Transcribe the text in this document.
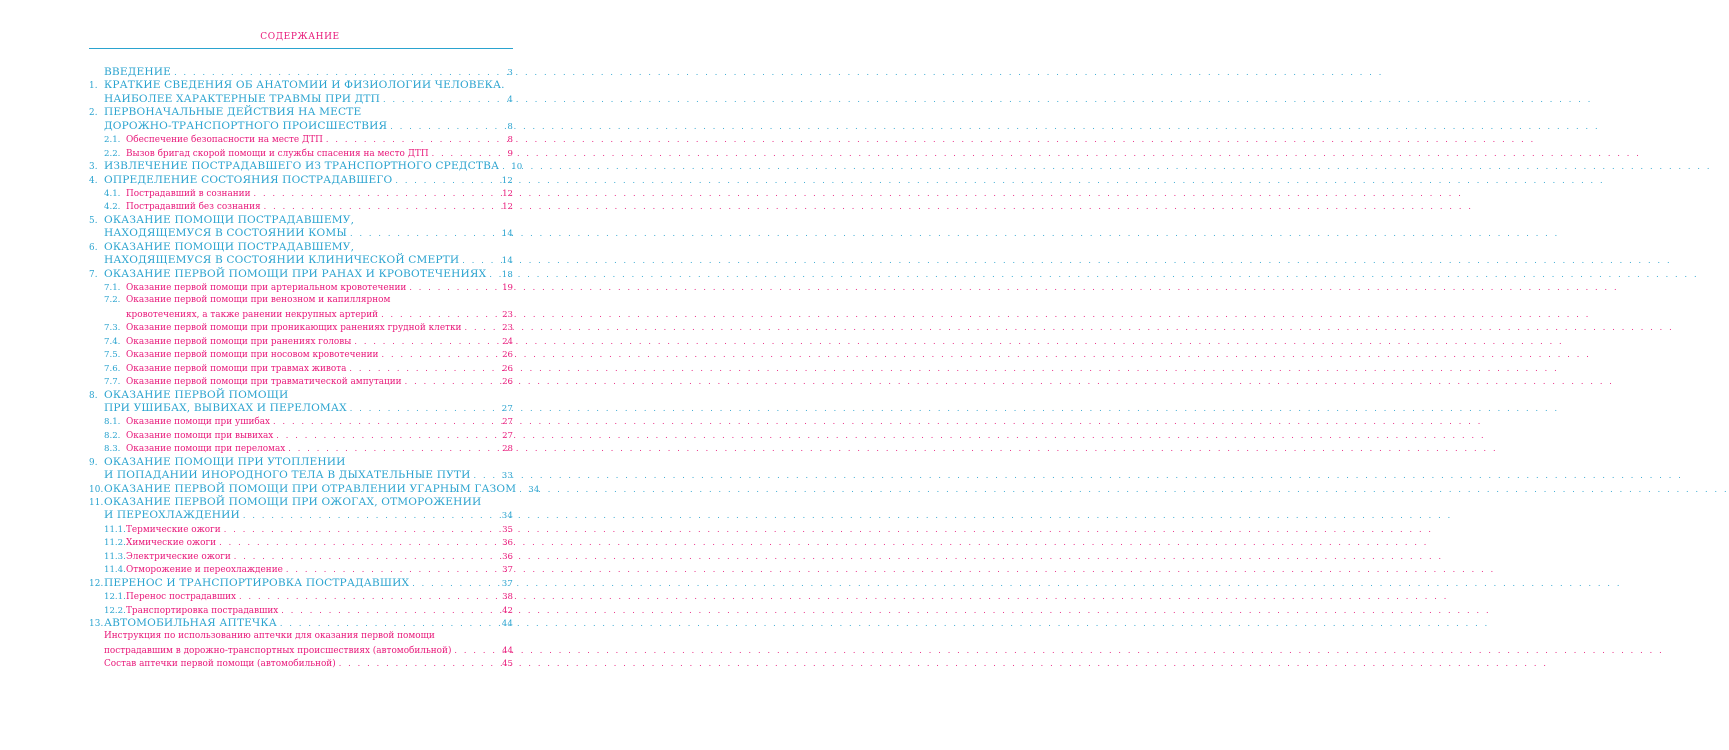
СОДЕРЖАНИЕ
ВВЕДЕНИЕ . . .	3
1. КРАТКИЕ СВЕДЕНИЯ ОБ АНАТОМИИ И ФИЗИОЛОГИИ ЧЕЛОВЕКА.
НАИБОЛЕЕ ХАРАКТЕРНЫЕ ТРАВМЫ ПРИ ДТП . . .	4
2. ПЕРВОНАЧАЛЬНЫЕ ДЕЙСТВИЯ НА МЕСТЕ
ДОРОЖНО-ТРАНСПОРТНОГО ПРОИСШЕСТВИЯ . . .	8
2.1. Обеспечение безопасности на месте ДТП . . .	8
2.2. Вызов бригад скорой помощи и службы спасения на место ДТП . . .	9
3. ИЗВЛЕЧЕНИЕ ПОСТРАДАВШЕГО ИЗ ТРАНСПОРТНОГО СРЕДСТВА . . . 10
4. ОПРЕДЕЛЕНИЕ СОСТОЯНИЯ ПОСТРАДАВШЕГО . . .	12
4.1. Пострадавший в сознании . . .	12
4.2. Пострадавший без сознания . . .	12
5. ОКАЗАНИЕ ПОМОЩИ ПОСТРАДАВШЕМУ,
НАХОДЯЩЕМУСЯ В СОСТОЯНИИ КОМЫ . . .	14
6. ОКАЗАНИЕ ПОМОЩИ ПОСТРАДАВШЕМУ,
НАХОДЯЩЕМУСЯ В СОСТОЯНИИ КЛИНИЧЕСКОЙ СМЕРТИ . . .	14
7. ОКАЗАНИЕ ПЕРВОЙ ПОМОЩИ ПРИ РАНАХ И КРОВОТЕЧЕНИЯХ . . . 18
7.1. Оказание первой помощи при артериальном кровотечении . . .	19
7.2. Оказание первой помощи при венозном и капиллярном
кровотечениях, а также ранении некрупных артерий . . .	23
7.3. Оказание первой помощи при проникающих ранениях грудной клетки . . .	23
7.4. Оказание первой помощи при ранениях головы . . .	24
7.5. Оказание первой помощи при носовом кровотечении . . .	26
7.6. Оказание первой помощи при травмах живота . . .	26
7.7. Оказание первой помощи при травматической ампутации . . .	26
8. ОКАЗАНИЕ ПЕРВОЙ ПОМОЩИ
ПРИ УШИБАХ, ВЫВИХАХ И ПЕРЕЛОМАХ . . .	27
8.1. Оказание помощи при ушибах . . .	27
8.2. Оказание помощи при вывихах . . .	27
8.3. Оказание помощи при переломах . . .	28
9. ОКАЗАНИЕ ПОМОЩИ ПРИ УТОПЛЕНИИ
И ПОПАДАНИИ ИНОРОДНОГО ТЕЛА В ДЫХАТЕЛЬНЫЕ ПУТИ . . .	33
10. ОКАЗАНИЕ ПЕРВОЙ ПОМОЩИ ПРИ ОТРАВЛЕНИИ УГАРНЫМ ГАЗОМ . . . 34
11. ОКАЗАНИЕ ПЕРВОЙ ПОМОЩИ ПРИ ОЖОГАХ, ОТМОРОЖЕНИИ
И ПЕРЕОХЛАЖДЕНИИ . . .	34
11.1. Термические ожоги . . .	35
11.2. Химические ожоги . . .	36
11.3. Электрические ожоги . . .	36
11.4. Отморожение и переохлаждение . . .	37
12. ПЕРЕНОС И ТРАНСПОРТИРОВКА ПОСТРАДАВШИХ . . .	37
12.1. Перенос пострадавших . . .	38
12.2. Транспортировка пострадавших . . .	42
13. АВТОМОБИЛЬНАЯ АПТЕЧКА . . .	44
Инструкция по использованию аптечки для оказания первой помощи
пострадавшим в дорожно-транспортных происшествиях (автомобильной) . . .	44
Состав аптечки первой помощи (автомобильной) . . .	45
